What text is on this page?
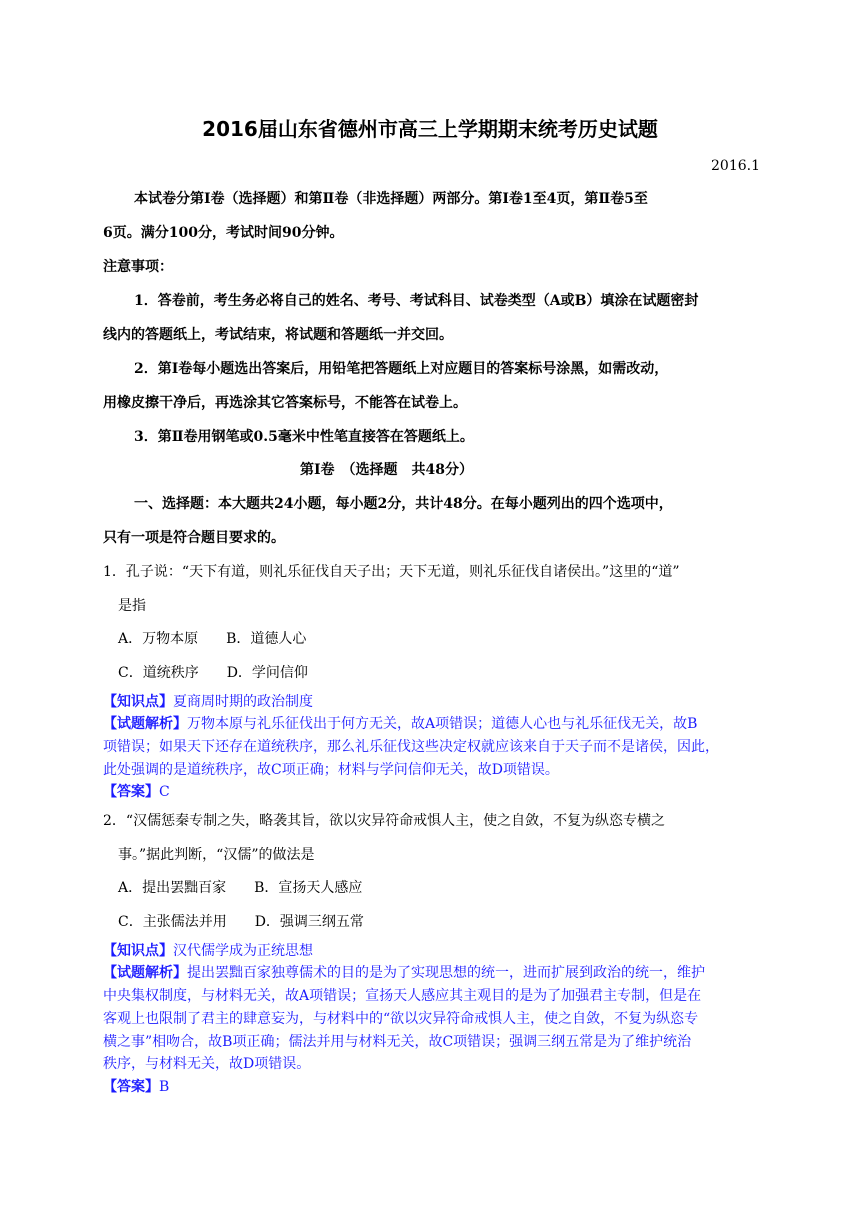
2016届山东省德州市高三上学期期末统考历史试题
2016.1
本试卷分第Ⅰ卷（选择题）和第Ⅱ卷（非选择题）两部分。第Ⅰ卷1至4页，第Ⅱ卷5至
6页。满分100分，考试时间90分钟。
注意事项：
1．答卷前，考生务必将自己的姓名、考号、考试科目、试卷类型（A或B）填涂在试题密封
线内的答题纸上，考试结束，将试题和答题纸一并交回。
2．第Ⅰ卷每小题选出答案后，用铅笔把答题纸上对应题目的答案标号涂黑，如需改动，
用橡皮擦干净后，再选涂其它答案标号，不能答在试卷上。
3．第Ⅱ卷用钢笔或0.5毫米中性笔直接答在答题纸上。
第Ⅰ卷　（选择题　共48分）
一、选择题：本大题共24小题，每小题2分，共计48分。在每小题列出的四个选项中，
只有一项是符合题目要求的。
1．孔子说：“天下有道，则礼乐征伐自天子出；天下无道，则礼乐征伐自诸侯出。”这里的“道”
是指
A．万物本原　　B．道德人心
C．道统秩序　　D．学问信仰
【知识点】夏商周时期的政治制度
【试题解析】万物本原与礼乐征伐出于何方无关，故A项错误；道德人心也与礼乐征伐无关，故B
项错误；如果天下还存在道统秩序，那么礼乐征伐这些决定权就应该来自于天子而不是诸侯，因此，
此处强调的是道统秩序，故C项正确；材料与学问信仰无关，故D项错误。
【答案】C
2．“汉儒惩秦专制之失，略袭其旨，欲以灾异符命戒惧人主，使之自敛，不复为纵恣专横之
事。”据此判断，“汉儒”的做法是
A．提出罢黜百家　　B．宣扬天人感应
C．主张儒法并用　　D．强调三纲五常
【知识点】汉代儒学成为正统思想
【试题解析】提出罢黜百家独尊儒术的目的是为了实现思想的统一，进而扩展到政治的统一，维护
中央集权制度，与材料无关，故A项错误；宣扬天人感应其主观目的是为了加强君主专制，但是在
客观上也限制了君主的肆意妄为，与材料中的“欲以灾异符命戒惧人主，使之自敛，不复为纵恣专
横之事”相吻合，故B项正确；儒法并用与材料无关，故C项错误；强调三纲五常是为了维护统治
秩序，与材料无关，故D项错误。
【答案】B
